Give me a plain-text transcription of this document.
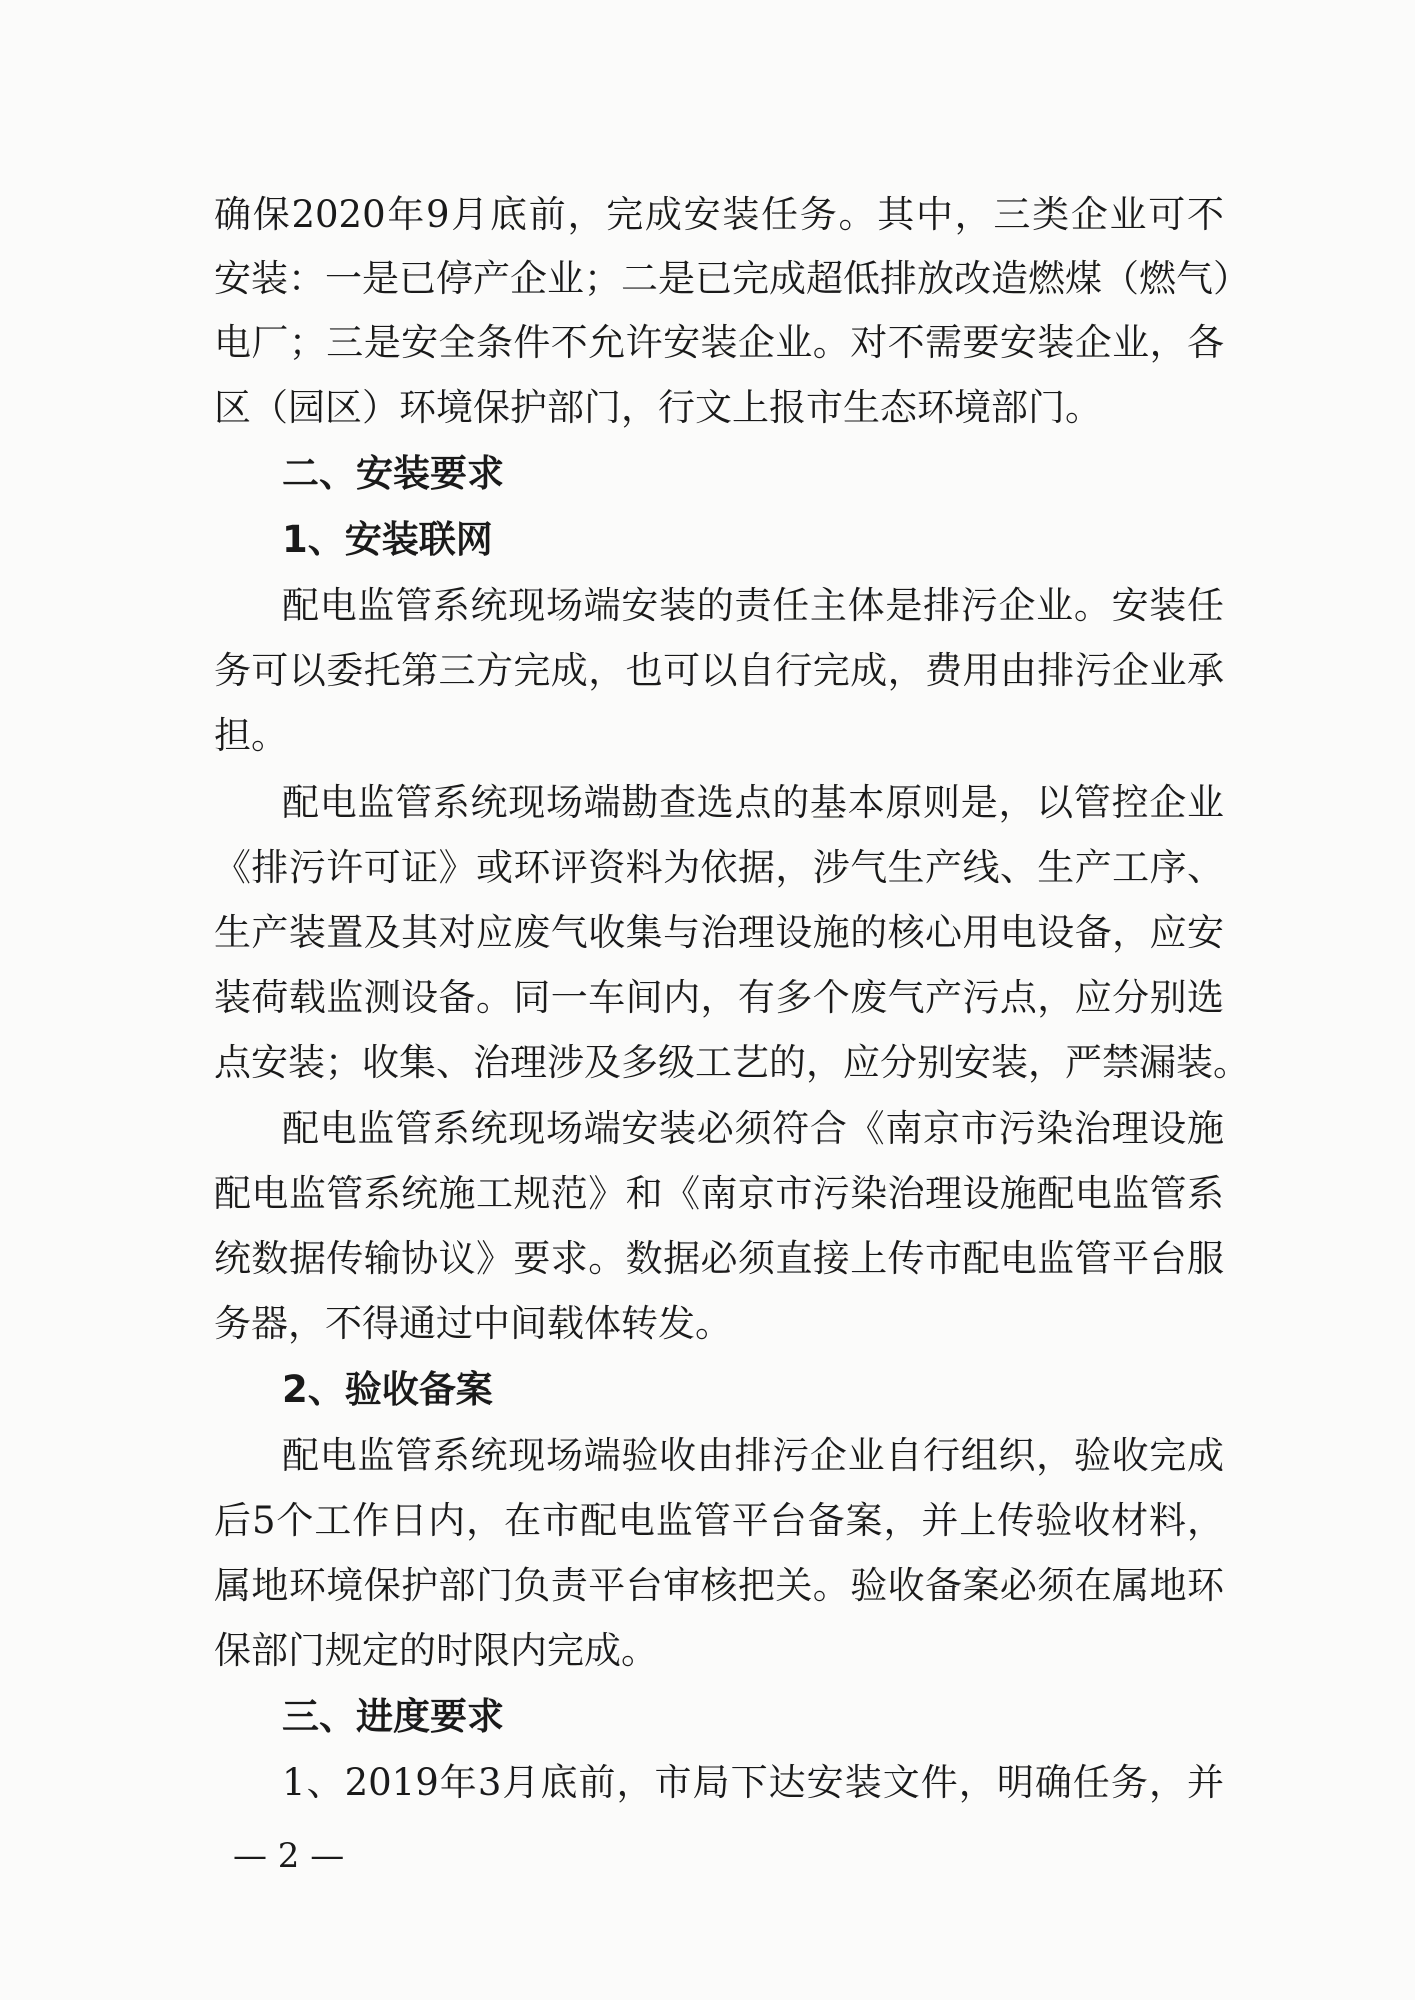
确保2020年9月底前，完成安装任务。其中，三类企业可不

安装：一是已停产企业；二是已完成超低排放改造燃煤（燃气）

电厂；三是安全条件不允许安装企业。对不需要安装企业，各

区（园区）环境保护部门，行文上报市生态环境部门。

二、安装要求

1、安装联网

配电监管系统现场端安装的责任主体是排污企业。安装任

务可以委托第三方完成，也可以自行完成，费用由排污企业承

担。

配电监管系统现场端勘查选点的基本原则是，以管控企业

《排污许可证》或环评资料为依据，涉气生产线、生产工序、

生产装置及其对应废气收集与治理设施的核心用电设备，应安

装荷载监测设备。同一车间内，有多个废气产污点，应分别选

点安装；收集、治理涉及多级工艺的，应分别安装，严禁漏装。

配电监管系统现场端安装必须符合《南京市污染治理设施

配电监管系统施工规范》和《南京市污染治理设施配电监管系

统数据传输协议》要求。数据必须直接上传市配电监管平台服

务器，不得通过中间载体转发。

2、验收备案

配电监管系统现场端验收由排污企业自行组织，验收完成

后5个工作日内，在市配电监管平台备案，并上传验收材料，

属地环境保护部门负责平台审核把关。验收备案必须在属地环

保部门规定的时限内完成。

三、进度要求

1、2019年3月底前，市局下达安装文件，明确任务，并

— 2 —
